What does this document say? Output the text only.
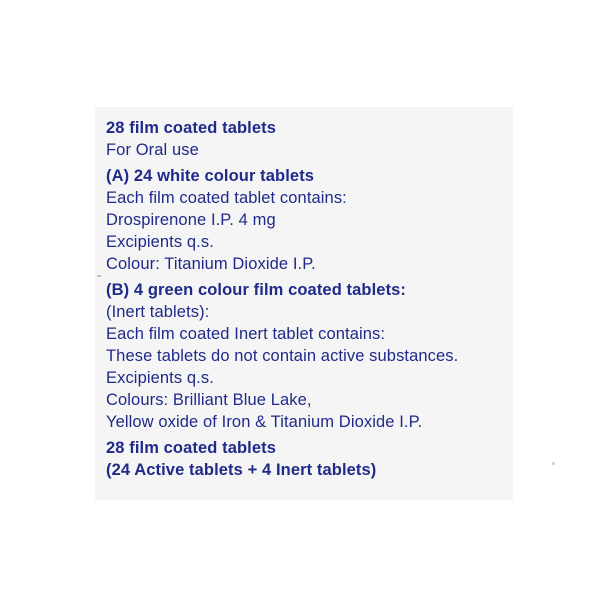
28 film coated tablets
For Oral use
(A) 24 white colour tablets
Each film coated tablet contains:
Drospirenone I.P. 4 mg
Excipients q.s.
Colour: Titanium Dioxide I.P.
(B) 4 green colour film coated tablets:
(Inert tablets):
Each film coated Inert tablet contains:
These tablets do not contain active substances.
Excipients q.s.
Colours: Brilliant Blue Lake,
Yellow oxide of Iron & Titanium Dioxide I.P.
28 film coated tablets
(24 Active tablets + 4 Inert tablets)
